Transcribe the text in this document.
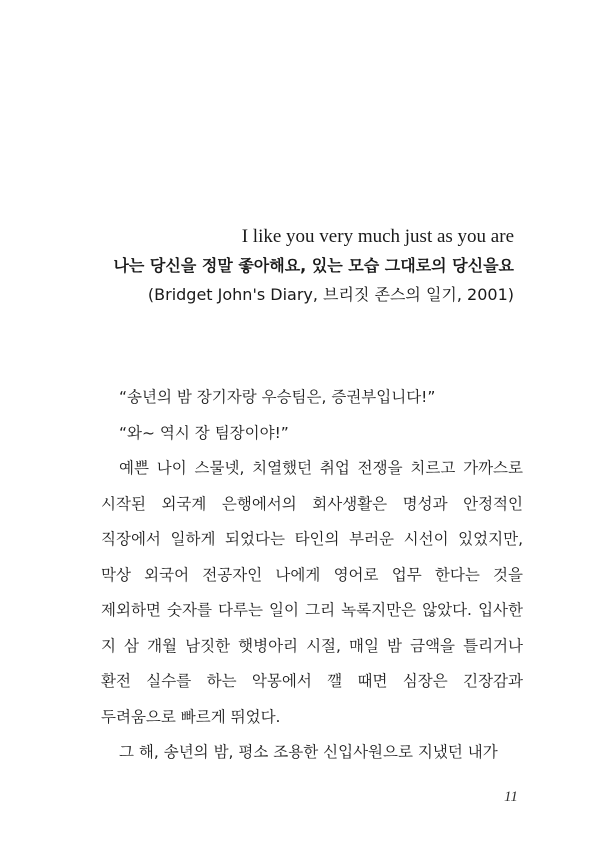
I like you very much just as you are
나는 당신을 정말 좋아해요, 있는 모습 그대로의 당신을요
(Bridget John's Diary, 브리짓 존스의 일기, 2001)

“송년의 밤 장기자랑 우승팀은, 증권부입니다!”

“와~ 역시 장 팀장이야!”

예쁜 나이 스물넷, 치열했던 취업 전쟁을 치르고 가까스로 시작된 외국계 은행에서의 회사생활은 명성과 안정적인 직장에서 일하게 되었다는 타인의 부러운 시선이 있었지만, 막상 외국어 전공자인 나에게 영어로 업무 한다는 것을 제외하면 숫자를 다루는 일이 그리 녹록지만은 않았다. 입사한 지 삼 개월 남짓한 햇병아리 시절, 매일 밤 금액을 틀리거나 환전 실수를 하는 악몽에서 깰 때면 심장은 긴장감과 두려움으로 빠르게 뛰었다.

그 해, 송년의 밤, 평소 조용한 신입사원으로 지냈던 내가

11
